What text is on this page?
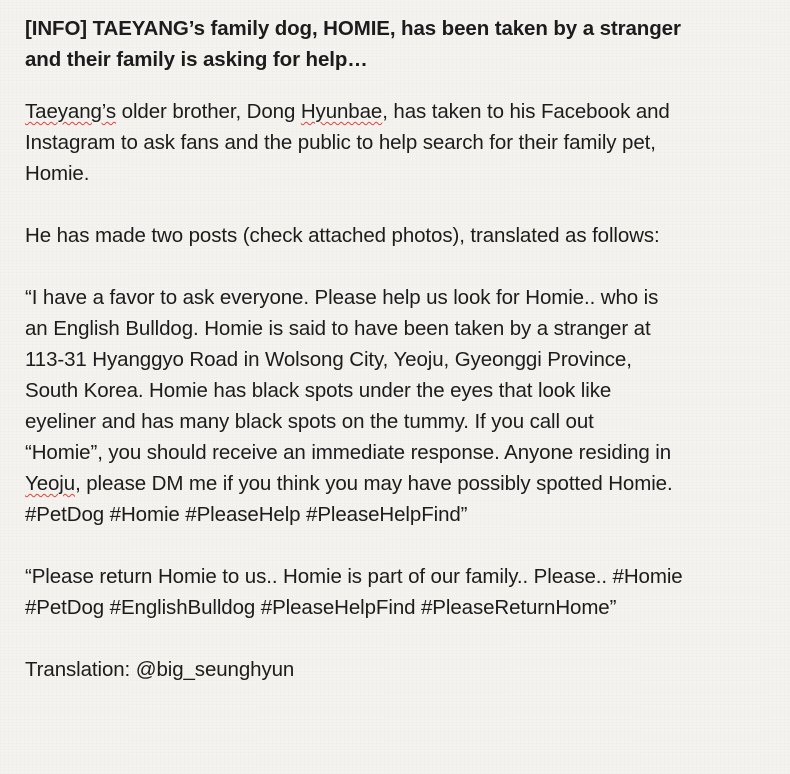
[INFO] TAEYANG’s family dog, HOMIE, has been taken by a stranger
and their family is asking for help…
Taeyang’s older brother, Dong Hyunbae, has taken to his Facebook and
Instagram to ask fans and the public to help search for their family pet,
Homie.
He has made two posts (check attached photos), translated as follows:
“I have a favor to ask everyone. Please help us look for Homie.. who is
an English Bulldog. Homie is said to have been taken by a stranger at
113-31 Hyanggyo Road in Wolsong City, Yeoju, Gyeonggi Province,
South Korea. Homie has black spots under the eyes that look like
eyeliner and has many black spots on the tummy. If you call out
“Homie”, you should receive an immediate response. Anyone residing in
Yeoju, please DM me if you think you may have possibly spotted Homie.
#PetDog #Homie #PleaseHelp #PleaseHelpFind”
“Please return Homie to us.. Homie is part of our family.. Please.. #Homie
#PetDog #EnglishBulldog #PleaseHelpFind #PleaseReturnHome”
Translation: @big_seunghyun
